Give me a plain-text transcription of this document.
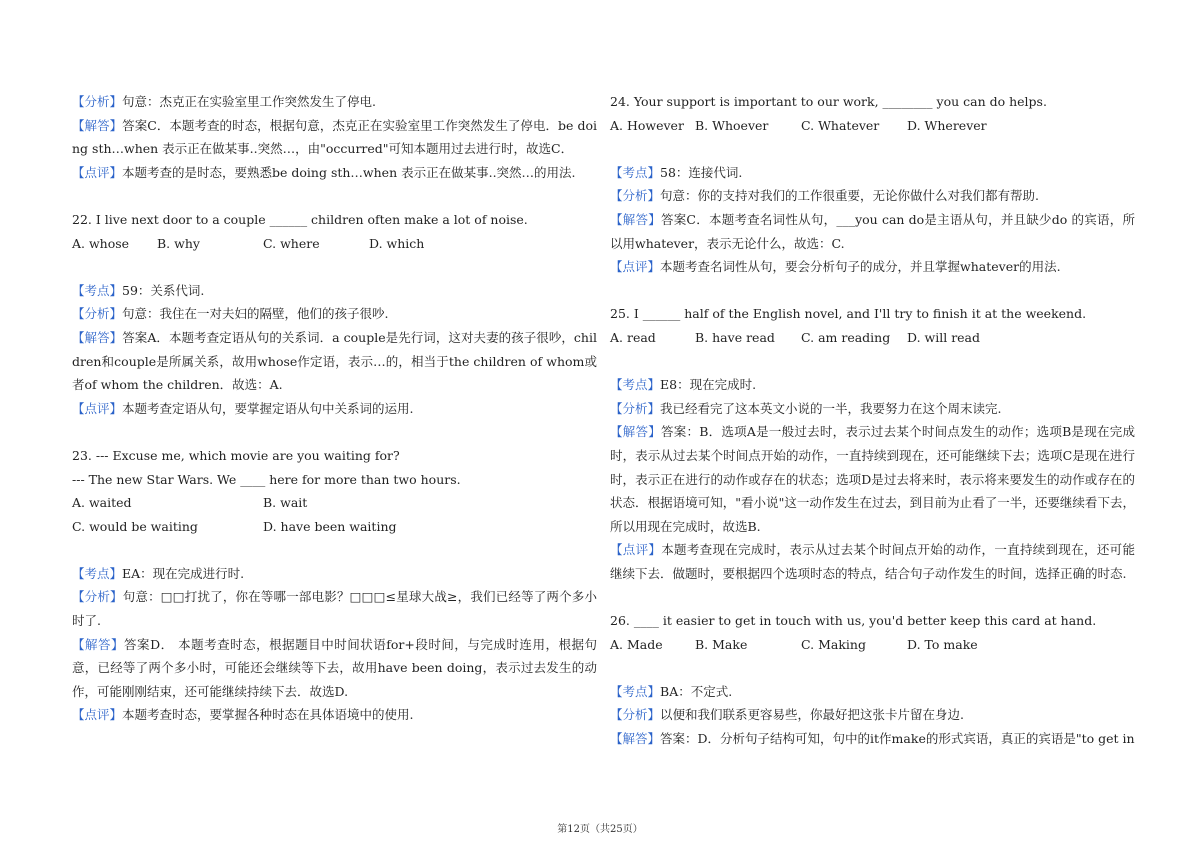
【分析】句意：杰克正在实验室里工作突然发生了停电.
【解答】答案C．本题考查的时态，根据句意，杰克正在实验室里工作突然发生了停电．be doing sth…when 表示正在做某事..突然…，由"occurred"可知本题用过去进行时，故选C．
【点评】本题考查的是时态，要熟悉be doing sth…when 表示正在做某事..突然…的用法.
22. I live next door to a couple ______ children often make a lot of noise.
A. whose	B. why	C. where	D. which
【考点】59：关系代词.
【分析】句意：我住在一对夫妇的隔壁，他们的孩子很吵.
【解答】答案A．本题考查定语从句的关系词．a couple是先行词，这对夫妻的孩子很吵，children和couple是所属关系，故用whose作定语，表示…的，相当于the children of whom或者of whom the children．故选：A.
【点评】本题考查定语从句，要掌握定语从句中关系词的运用.
23. --- Excuse me, which movie are you waiting for?
--- The new Star Wars. We ____ here for more than two hours.
A. waited	B. wait
C. would be waiting	D. have been waiting
【考点】EA：现在完成进行时.
【分析】句意：□□打扰了，你在等哪一部电影？□□□≤星球大战≥，我们已经等了两个多小时了.
【解答】答案D． 本题考查时态，根据题目中时间状语for+段时间，与完成时连用，根据句意，已经等了两个多小时，可能还会继续等下去，故用have been doing，表示过去发生的动作，可能刚刚结束，还可能继续持续下去．故选D.
【点评】本题考查时态，要掌握各种时态在具体语境中的使用.
24. Your support is important to our work, ________ you can do helps.
A. However B. Whoever	C. Whatever	D. Wherever
【考点】58：连接代词.
【分析】句意：你的支持对我们的工作很重要，无论你做什么对我们都有帮助.
【解答】答案C．本题考查名词性从句，___you can do是主语从句，并且缺少do 的宾语，所以用whatever，表示无论什么，故选：C.
【点评】本题考查名词性从句，要会分析句子的成分，并且掌握whatever的用法.
25. I ______ half of the English novel, and I'll try to finish it at the weekend.
A. read	B. have read	C. am reading	D. will read
【考点】E8：现在完成时.
【分析】我已经看完了这本英文小说的一半，我要努力在这个周末读完.
【解答】答案：B．选项A是一般过去时，表示过去某个时间点发生的动作；选项B是现在完成时，表示从过去某个时间点开始的动作，一直持续到现在，还可能继续下去；选项C是现在进行时，表示正在进行的动作或存在的状态；选项D是过去将来时，表示将来要发生的动作或存在的状态．根据语境可知，"看小说"这一动作发生在过去，到目前为止看了一半，还要继续看下去，所以用现在完成时，故选B.
【点评】本题考查现在完成时，表示从过去某个时间点开始的动作，一直持续到现在，还可能继续下去．做题时，要根据四个选项时态的特点，结合句子动作发生的时间，选择正确的时态.
26. ____ it easier to get in touch with us, you'd better keep this card at hand.
A. Made	B. Make	C. Making	D. To make
【考点】BA：不定式.
【分析】以便和我们联系更容易些，你最好把这张卡片留在身边.
【解答】答案：D．分析句子结构可知，句中的it作make的形式宾语，真正的宾语是"to get in
第12页（共25页）
